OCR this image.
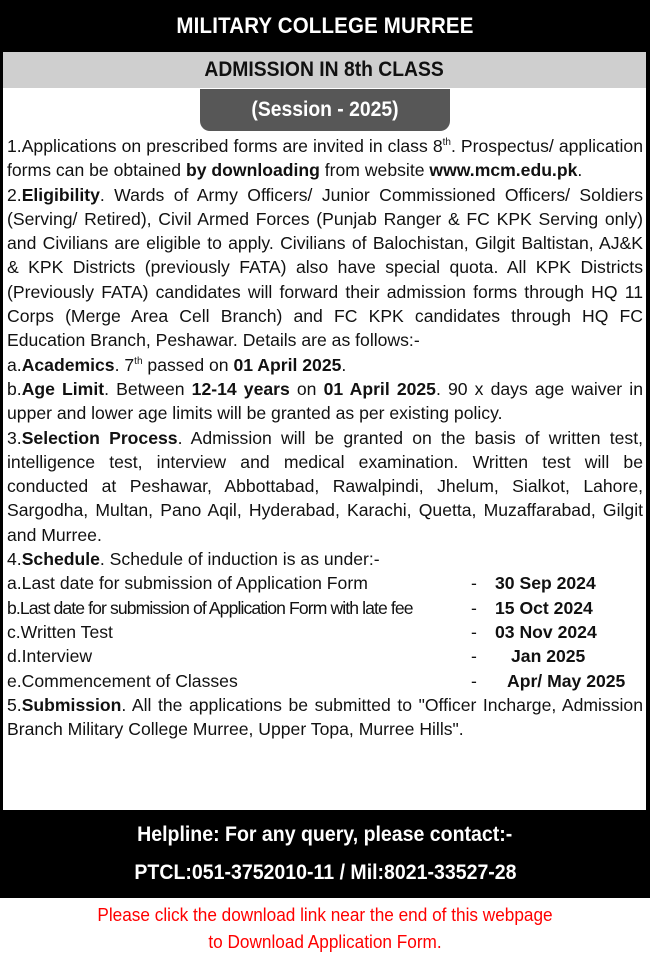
MILITARY COLLEGE MURREE
ADMISSION IN 8th CLASS
(Session - 2025)

1.Applications on prescribed forms are invited in class 8th. Prospectus/ application forms can be obtained by downloading from website www.mcm.edu.pk.

2.Eligibility. Wards of Army Officers/ Junior Commissioned Officers/ Soldiers (Serving/ Retired), Civil Armed Forces (Punjab Ranger & FC KPK Serving only) and Civilians are eligible to apply. Civilians of Balochistan, Gilgit Baltistan, AJ&K & KPK Districts (previously FATA) also have special quota. All KPK Districts (Previously FATA) candidates will forward their admission forms through HQ 11 Corps (Merge Area Cell Branch) and FC KPK candidates through HQ FC Education Branch, Peshawar. Details are as follows:-

a.Academics. 7th passed on 01 April 2025.

b.Age Limit. Between 12-14 years on 01 April 2025. 90 x days age waiver in upper and lower age limits will be granted as per existing policy.

3.Selection Process. Admission will be granted on the basis of written test, intelligence test, interview and medical examination. Written test will be conducted at Peshawar, Abbottabad, Rawalpindi, Jhelum, Sialkot, Lahore, Sargodha, Multan, Pano Aqil, Hyderabad, Karachi, Quetta, Muzaffarabad, Gilgit and Murree.

4.Schedule. Schedule of induction is as under:-

a.Last date for submission of Application Form	-	30 Sep 2024
b.Last date for submission of Application Form with late fee	-	15 Oct 2024
c.Written Test	-	03 Nov 2024
d.Interview	-	Jan 2025
e.Commencement of Classes	-	Apr/ May 2025

5.Submission. All the applications be submitted to "Officer Incharge, Admission Branch Military College Murree, Upper Topa, Murree Hills".

Helpline: For any query, please contact:-
PTCL:051-3752010-11 / Mil:8021-33527-28
Please click the download link near the end of this webpage
to Download Application Form.
